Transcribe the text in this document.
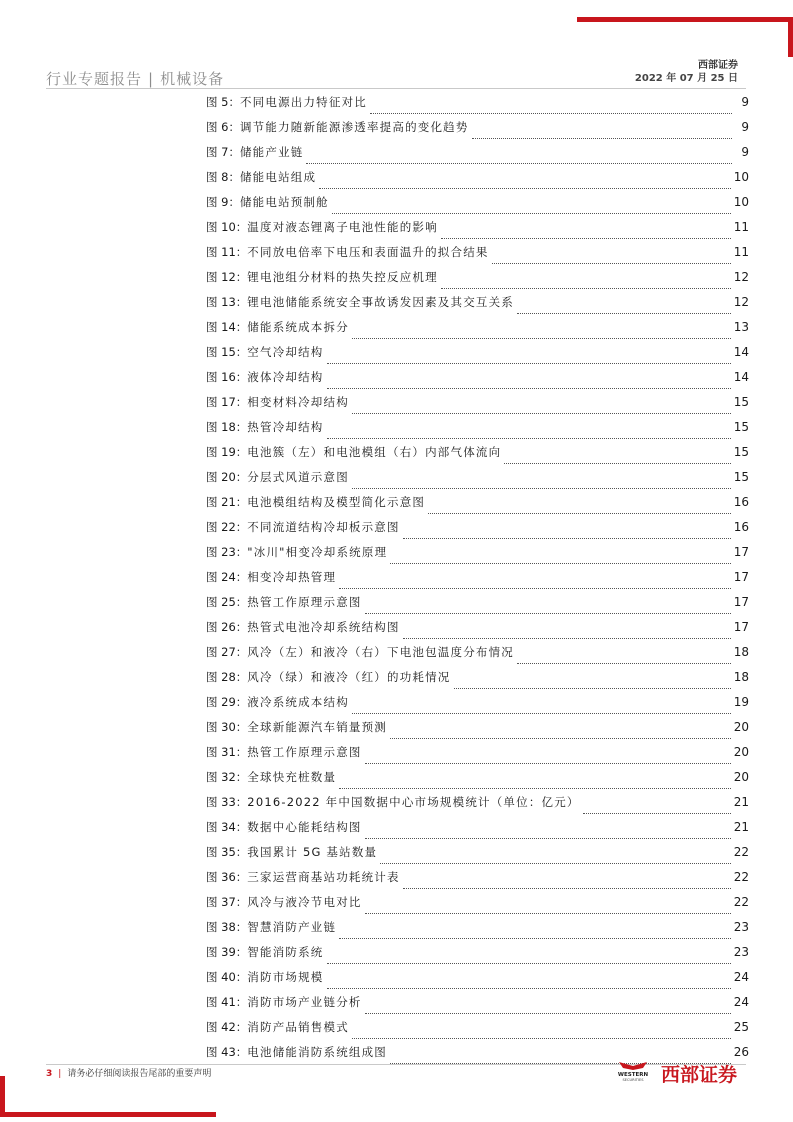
行业专题报告 | 机械设备
西部证券
2022 年 07 月 25 日
图 5： 不同电源出力特征对比	9
图 6： 调节能力随新能源渗透率提高的变化趋势	9
图 7： 储能产业链	9
图 8： 储能电站组成	10
图 9： 储能电站预制舱	10
图 10： 温度对液态锂离子电池性能的影响	11
图 11： 不同放电倍率下电压和表面温升的拟合结果	11
图 12： 锂电池组分材料的热失控反应机理	12
图 13： 锂电池储能系统安全事故诱发因素及其交互关系	12
图 14： 储能系统成本拆分	13
图 15： 空气冷却结构	14
图 16： 液体冷却结构	14
图 17： 相变材料冷却结构	15
图 18： 热管冷却结构	15
图 19： 电池簇（左）和电池模组（右）内部气体流向	15
图 20： 分层式风道示意图	15
图 21： 电池模组结构及模型简化示意图	16
图 22： 不同流道结构冷却板示意图	16
图 23： "冰川"相变冷却系统原理	17
图 24： 相变冷却热管理	17
图 25： 热管工作原理示意图	17
图 26： 热管式电池冷却系统结构图	17
图 27： 风冷（左）和液冷（右）下电池包温度分布情况	18
图 28： 风冷（绿）和液冷（红）的功耗情况	18
图 29： 液冷系统成本结构	19
图 30： 全球新能源汽车销量预测	20
图 31： 热管工作原理示意图	20
图 32： 全球快充桩数量	20
图 33： 2016-2022 年中国数据中心市场规模统计（单位：亿元）	21
图 34： 数据中心能耗结构图	21
图 35： 我国累计 5G 基站数量	22
图 36： 三家运营商基站功耗统计表	22
图 37： 风冷与液冷节电对比	22
图 38： 智慧消防产业链	23
图 39： 智能消防系统	23
图 40： 消防市场规模	24
图 41： 消防市场产业链分析	24
图 42： 消防产品销售模式	25
图 43： 电池储能消防系统组成图	26
3 | 请务必仔细阅读报告尾部的重要声明	WESTERN
SECURITIES 西部证券
